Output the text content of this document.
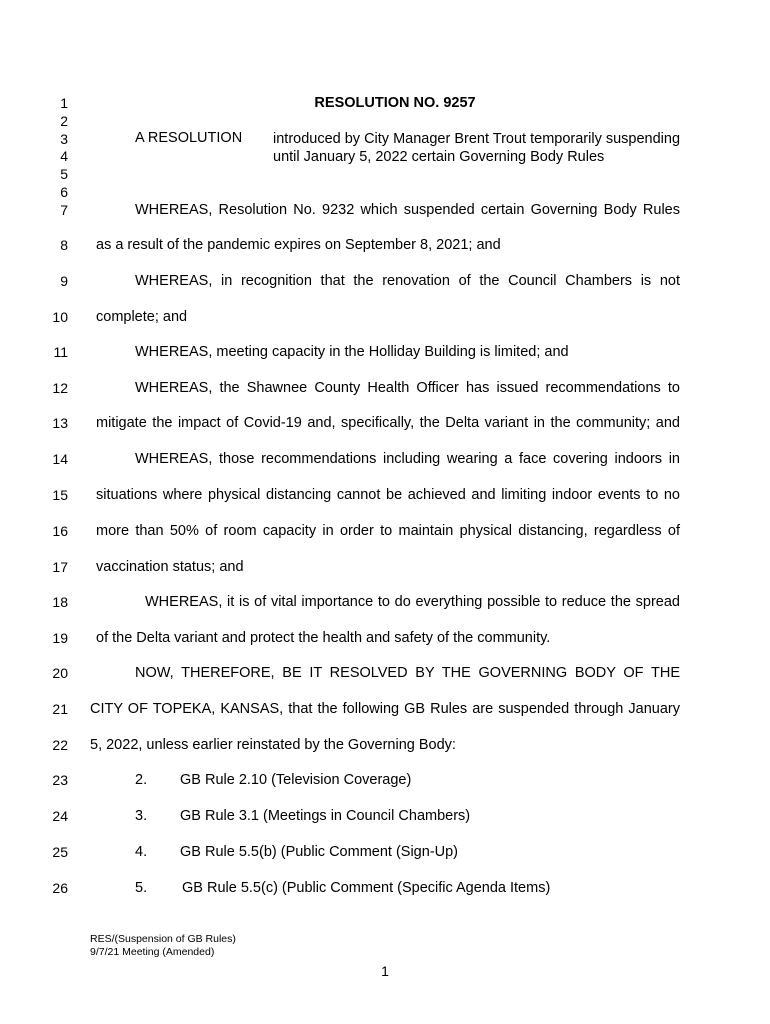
1
2
3
4
5
6
7
8
9
10
11
12
13
14
15
16
17
18
19
20
21
22
23
24
25
26
RESOLUTION NO. 9257
A RESOLUTION introduced by City Manager Brent Trout temporarily suspending until January 5, 2022 certain Governing Body Rules
WHEREAS, Resolution No. 9232 which suspended certain Governing Body Rules
as a result of the pandemic expires on September 8, 2021; and
WHEREAS, in recognition that the renovation of the Council Chambers is not
complete; and
WHEREAS, meeting capacity in the Holliday Building is limited; and
WHEREAS, the Shawnee County Health Officer has issued recommendations to
mitigate the impact of Covid-19 and, specifically, the Delta variant in the community; and
WHEREAS, those recommendations including wearing a face covering indoors in
situations where physical distancing cannot be achieved and limiting indoor events to no
more than 50% of room capacity in order to maintain physical distancing, regardless of
vaccination status; and
WHEREAS, it is of vital importance to do everything possible to reduce the spread
of the Delta variant and protect the health and safety of the community.
NOW, THEREFORE, BE IT RESOLVED BY THE GOVERNING BODY OF THE
CITY OF TOPEKA, KANSAS, that the following GB Rules are suspended through January
5, 2022, unless earlier reinstated by the Governing Body:
2. GB Rule 2.10 (Television Coverage)
3. GB Rule 3.1 (Meetings in Council Chambers)
4. GB Rule 5.5(b) (Public Comment (Sign-Up)
5. GB Rule 5.5(c) (Public Comment (Specific Agenda Items)
RES/(Suspension of GB Rules)
9/7/21 Meeting (Amended)
1
